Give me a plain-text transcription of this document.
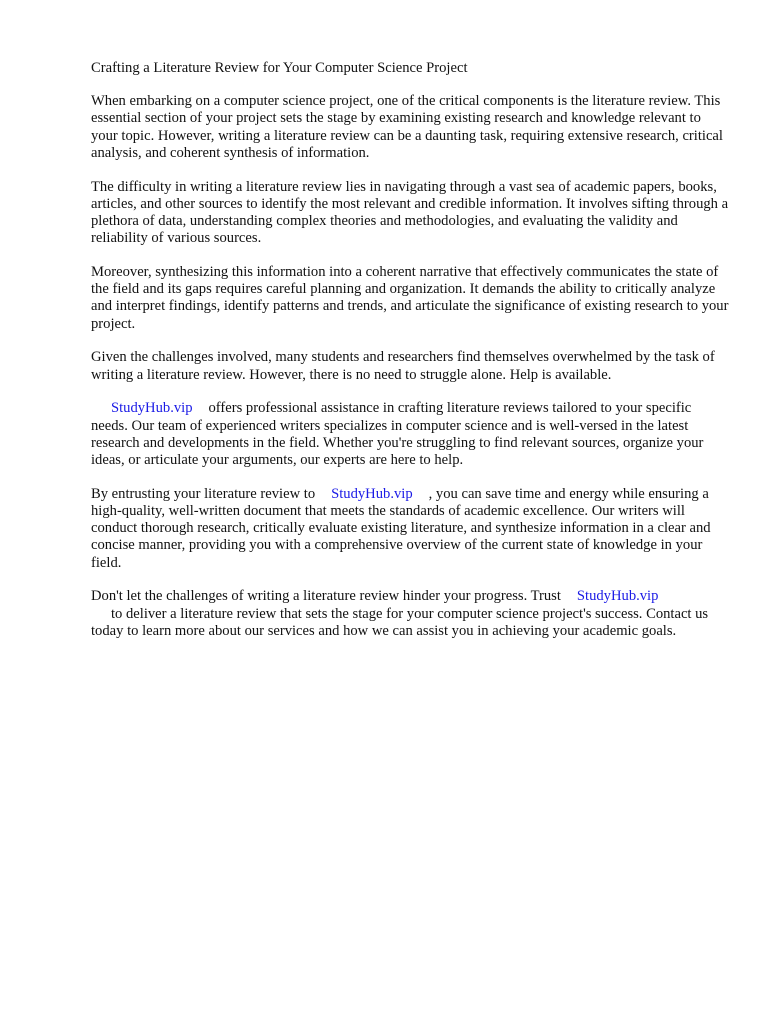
Crafting a Literature Review for Your Computer Science Project

When embarking on a computer science project, one of the critical components is the literature review. This essential section of your project sets the stage by examining existing research and knowledge relevant to your topic. However, writing a literature review can be a daunting task, requiring extensive research, critical analysis, and coherent synthesis of information.

The difficulty in writing a literature review lies in navigating through a vast sea of academic papers, books, articles, and other sources to identify the most relevant and credible information. It involves sifting through a plethora of data, understanding complex theories and methodologies, and evaluating the validity and reliability of various sources.

Moreover, synthesizing this information into a coherent narrative that effectively communicates the state of the field and its gaps requires careful planning and organization. It demands the ability to critically analyze and interpret findings, identify patterns and trends, and articulate the significance of existing research to your project.

Given the challenges involved, many students and researchers find themselves overwhelmed by the task of writing a literature review. However, there is no need to struggle alone. Help is available.

StudyHub.vip offers professional assistance in crafting literature reviews tailored to your specific needs. Our team of experienced writers specializes in computer science and is well-versed in the latest research and developments in the field. Whether you're struggling to find relevant sources, organize your ideas, or articulate your arguments, our experts are here to help.

By entrusting your literature review to StudyHub.vip , you can save time and energy while ensuring a high-quality, well-written document that meets the standards of academic excellence. Our writers will conduct thorough research, critically evaluate existing literature, and synthesize information in a clear and concise manner, providing you with a comprehensive overview of the current state of knowledge in your field.

Don't let the challenges of writing a literature review hinder your progress. Trust StudyHub.vip
to deliver a literature review that sets the stage for your computer science project's success. Contact us today to learn more about our services and how we can assist you in achieving your academic goals.
